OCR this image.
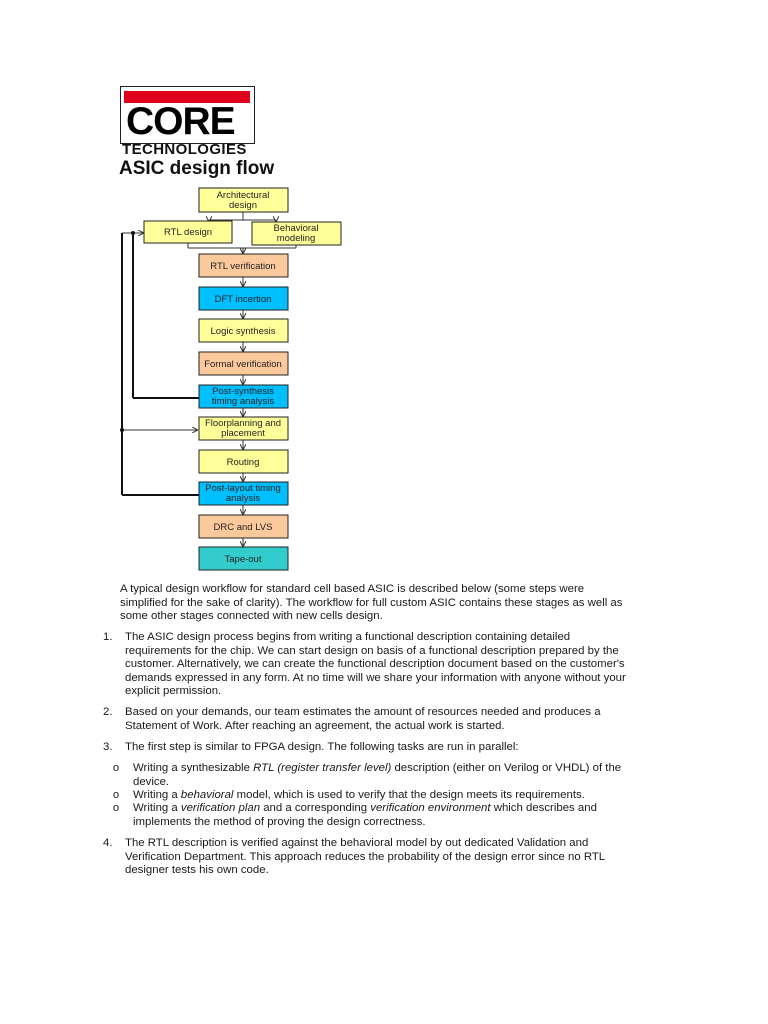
CORE
TECHNOLOGIES
ASIC design flow
Architectural
design
RTL design	Behavioral
modeling
RTL verification
DFT incertion
Logic synthesis
Formal verification
Post-synthesis
timing analysis
Floorplanning and
placement
Routing
Post-layout timing
analysis
DRC and LVS
Tape-out
A typical design workflow for standard cell based ASIC is described below (some steps were
simplified for the sake of clarity). The workflow for full custom ASIC contains these stages as well as
some other stages connected with new cells design.
1. The ASIC design process begins from writing a functional description containing detailed
requirements for the chip. We can start design on basis of a functional description prepared by the
customer. Alternatively, we can create the functional description document based on the customer's
demands expressed in any form. At no time will we share your information with anyone without your
explicit permission.
2. Based on your demands, our team estimates the amount of resources needed and produces a
Statement of Work. After reaching an agreement, the actual work is started.
3. The first step is similar to FPGA design. The following tasks are run in parallel:
o Writing a synthesizable RTL (register transfer level) description (either on Verilog or VHDL) of the
device.
o Writing a behavioral model, which is used to verify that the design meets its requirements.
o Writing a verification plan and a corresponding verification environment which describes and
implements the method of proving the design correctness.
4. The RTL description is verified against the behavioral model by out dedicated Validation and
Verification Department. This approach reduces the probability of the design error since no RTL
designer tests his own code.
